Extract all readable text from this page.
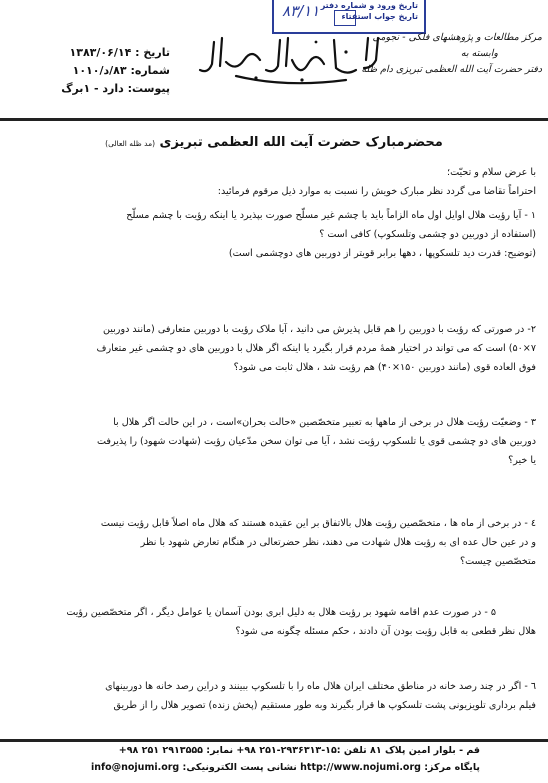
تاریخ ورود و شماره دفتر
تاریخ جواب استفتاء
۸۳/۱۱
مرکز مطالعات و پژوهشهای فلکی - نجومی
وابسته به
دفتر حضرت آیت الله العظمی تبریزی دام ظله
تاریخ : ۱۳۸۳/۰۶/۱۴
شماره: ۸۳/د/۱۰۱۰
پیوست: دارد - ۱برگ
محضرمبارک حضرت آیت الله العظمی تبریزی (مد ظله العالی)

با عرض سلام و تحیّت؛

احتراماً تقاضا می گردد نظر مبارک خویش را نسبت به موارد ذیل مرقوم فرمائید:

۱ - آیا رؤیت هلال اوایل اول ماه الزاماً باید با چشم غیر مسلّح صورت بپذیرد یا اینکه رؤیت با چشم مسلّح

(استفاده از دوربین دو چشمی وتلسکوپ) کافی است ؟

(توضیح: قدرت دید تلسکوپها ، دهها برابر قویتر از دوربین های دوچشمی است)

۲- در صورتی که رؤیت با دوربین را هم قابل پذیرش می دانید ، آیا ملاک رؤیت با دوربین متعارفی (مانند دوربین

۷×۵۰) است که می تواند در اختیار همهٔ مردم قرار بگیرد یا اینکه اگر هلال با دوربین های دو چشمی غیر متعارف

فوق العاده قوی (مانند دوربین ۱۵۰×۴۰) هم رؤیت شد ، هلال ثابت می شود؟

۳ - وضعیّت رؤیت هلال در برخی از ماهها به تعبیر متخصّصین «حالت بحران»است ، در این حالت اگر هلال با

دوربین های دو چشمی قوی یا تلسکوپ رؤیت نشد ، آیا می توان سخن مدّعیان رؤیت (شهادت شهود) را پذیرفت

یا خیر؟

٤ - در برخی از ماه ها ، متخصّصین رؤیت هلال بالاتفاق بر این عقیده هستند که هلال ماه اصلاً قابل رؤیت نیست

و در عین حال عده ای به رؤیت هلال شهادت می دهند، نظر حضرتعالی در هنگام تعارض شهود با نظر

متخصّصین چیست؟

۵ - در صورت عدم اقامه شهود بر رؤیت هلال به دلیل ابری بودن آسمان یا عوامل دیگر ، اگر متخصّصین رؤیت

هلال نظر قطعی به قابل رؤیت بودن آن دادند ، حکم مسئله چگونه می شود؟

٦ - اگر در چند رصد خانه در مناطق مختلف ایران هلال ماه را با تلسکوپ ببینند و دراین رصد خانه ها دوربینهای

فیلم برداری تلویزیونی پشت تلسکوپ ها قرار بگیرند وبه طور مستقیم (پخش زنده) تصویر هلال را از طریق

قم - بلوار امین پلاک ۸۱ تلفن :۱۵-۲۹۳۶۳۱۳-۲۵۱ ۹۸+ نمابر: ۲۹۱۳۵۵۵ ۲۵۱ ۹۸+
پایگاه مرکز: http://www.nojumi.org نشانی پست الکترونیکی: info@nojumi.org
